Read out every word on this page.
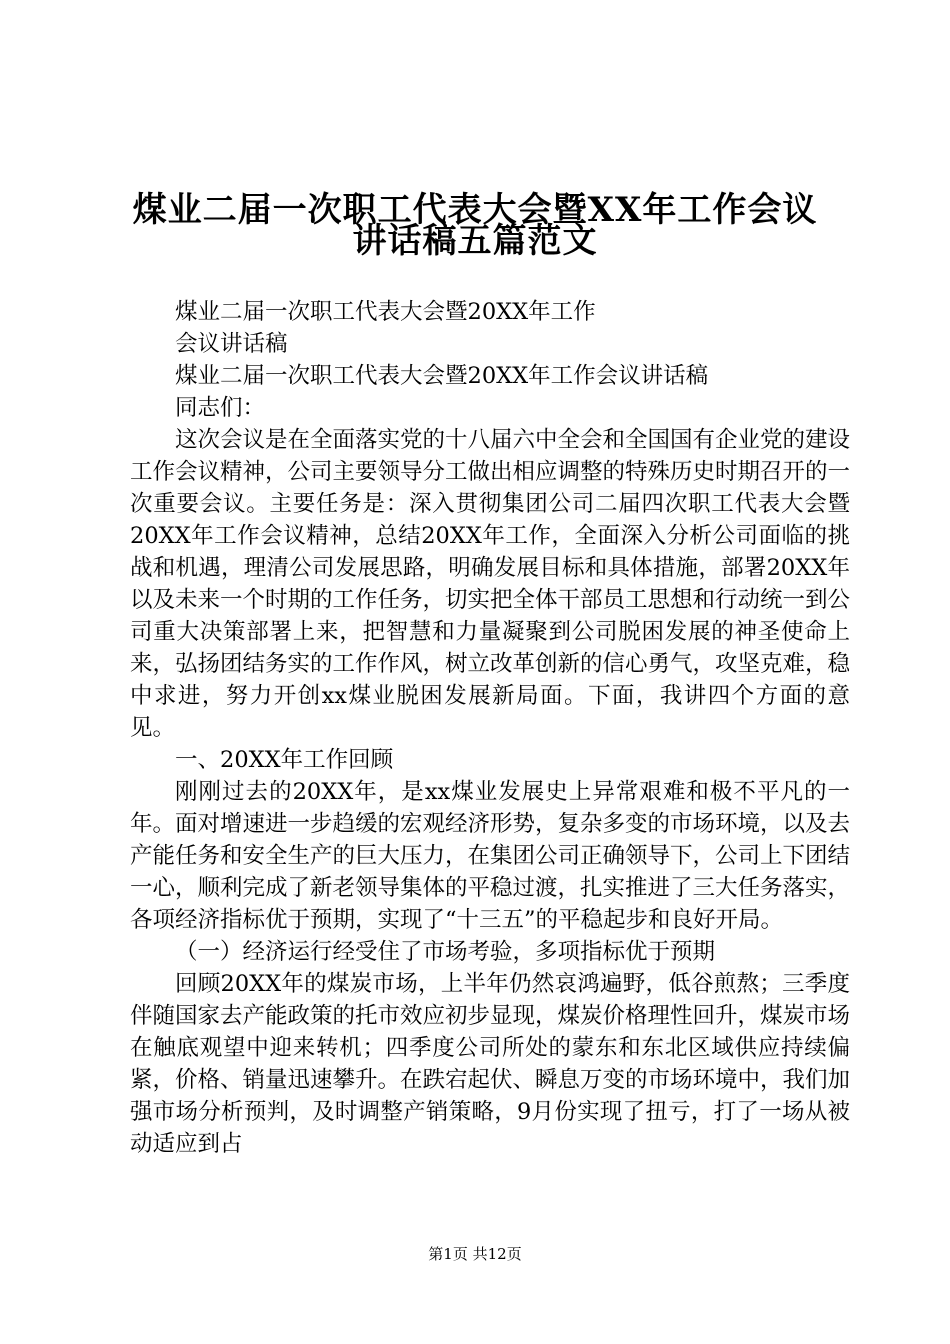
煤业二届一次职工代表大会暨XX年工作会议
讲话稿五篇范文

煤业二届一次职工代表大会暨20XX年工作

会议讲话稿

煤业二届一次职工代表大会暨20XX年工作会议讲话稿

同志们：

这次会议是在全面落实党的十八届六中全会和全国国有企业党的建设工作会议精神，公司主要领导分工做出相应调整的特殊历史时期召开的一次重要会议。主要任务是：深入贯彻集团公司二届四次职工代表大会暨20XX年工作会议精神，总结20XX年工作，全面深入分析公司面临的挑战和机遇，理清公司发展思路，明确发展目标和具体措施，部署20XX年以及未来一个时期的工作任务，切实把全体干部员工思想和行动统一到公司重大决策部署上来，把智慧和力量凝聚到公司脱困发展的神圣使命上来，弘扬团结务实的工作作风，树立改革创新的信心勇气，攻坚克难，稳中求进，努力开创xx煤业脱困发展新局面。下面，我讲四个方面的意见。

一、20XX年工作回顾

刚刚过去的20XX年，是xx煤业发展史上异常艰难和极不平凡的一年。面对增速进一步趋缓的宏观经济形势，复杂多变的市场环境，以及去产能任务和安全生产的巨大压力，在集团公司正确领导下，公司上下团结一心，顺利完成了新老领导集体的平稳过渡，扎实推进了三大任务落实，各项经济指标优于预期，实现了“十三五”的平稳起步和良好开局。

（一）经济运行经受住了市场考验，多项指标优于预期

回顾20XX年的煤炭市场，上半年仍然哀鸿遍野，低谷煎熬；三季度伴随国家去产能政策的托市效应初步显现，煤炭价格理性回升，煤炭市场在触底观望中迎来转机；四季度公司所处的蒙东和东北区域供应持续偏紧，价格、销量迅速攀升。在跌宕起伏、瞬息万变的市场环境中，我们加强市场分析预判，及时调整产销策略，9月份实现了扭亏，打了一场从被动适应到占

第1页 共12页
